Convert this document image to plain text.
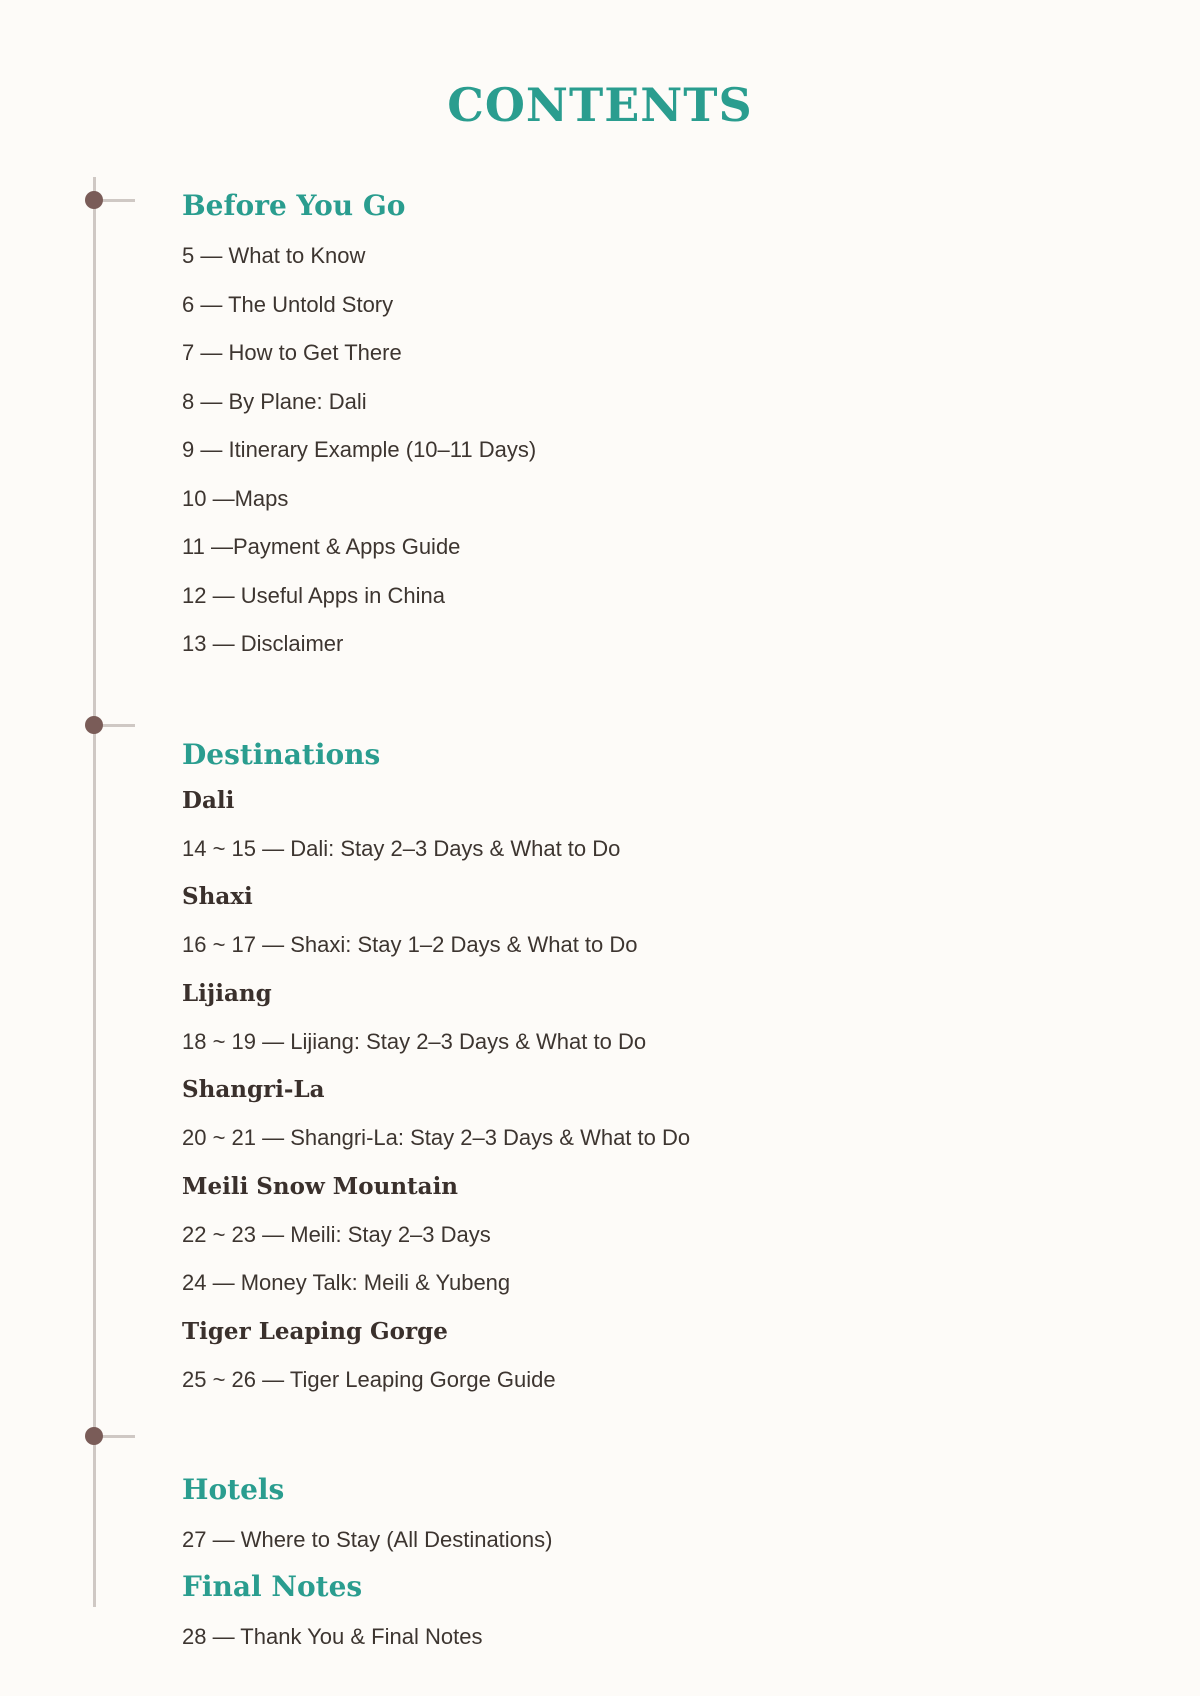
CONTENTS
Before You Go
5 — What to Know
6 — The Untold Story
7 — How to Get There
8 — By Plane: Dali
9 — Itinerary Example (10–11 Days)
10 —Maps
11 —Payment & Apps Guide
12 — Useful Apps in China
13 — Disclaimer
Destinations
Dali
14 ~ 15 — Dali: Stay 2–3 Days & What to Do
Shaxi
16 ~ 17 — Shaxi: Stay 1–2 Days & What to Do
Lijiang
18 ~ 19 — Lijiang: Stay 2–3 Days & What to Do
Shangri-La
20 ~ 21 — Shangri-La: Stay 2–3 Days & What to Do
Meili Snow Mountain
22 ~ 23 — Meili: Stay 2–3 Days
24 — Money Talk: Meili & Yubeng
Tiger Leaping Gorge
25 ~ 26 — Tiger Leaping Gorge Guide
Hotels
27 — Where to Stay (All Destinations)
Final Notes
28 — Thank You & Final Notes
